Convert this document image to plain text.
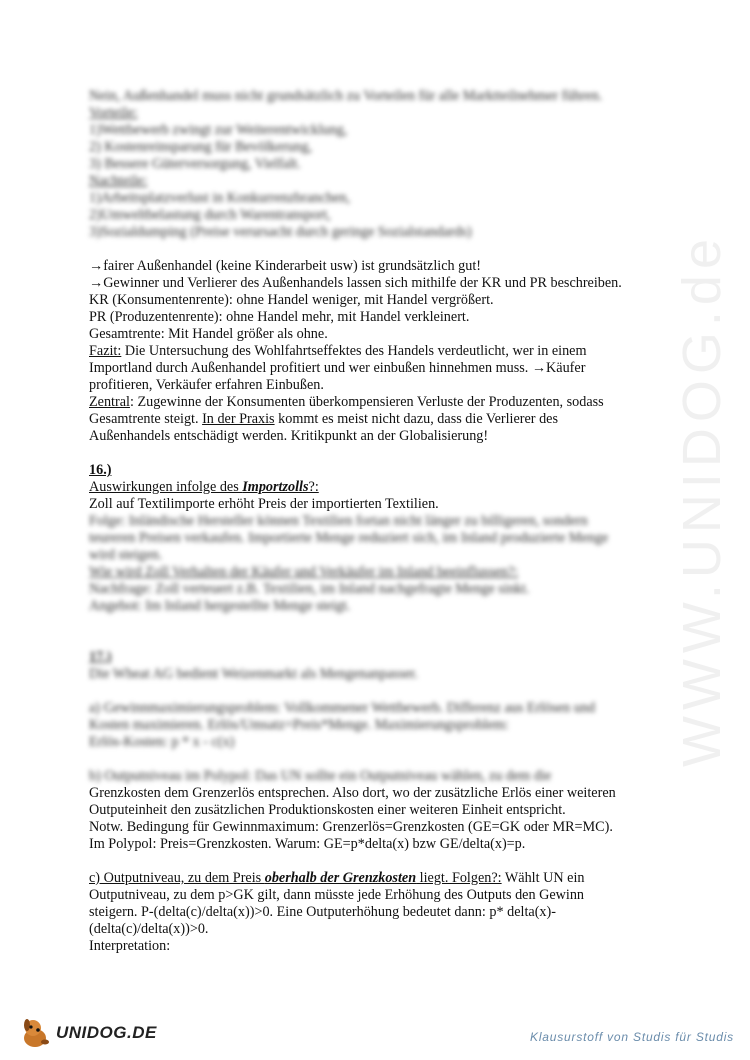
WWW.UNIDOG.de
Nein, Außenhandel muss nicht grundsätzlich zu Vorteilen für alle Marktteilnehmer führen.
Vorteile:
1)Wettbewerb zwingt zur Weiterentwicklung,
2) Kostenreinsparung für Bevölkerung,
3) Bessere Güterversorgung, Vielfalt.
Nachteile:
1)Arbeitsplatzverlust in Konkurrenzbranchen,
2)Umweltbelastung durch Warentransport,
3)Sozialdumping (Preise verursacht durch geringe Sozialstandards)
→fairer Außenhandel (keine Kinderarbeit usw) ist grundsätzlich gut!
→Gewinner und Verlierer des Außenhandels lassen sich mithilfe der KR und PR beschreiben.
KR (Konsumentenrente): ohne Handel weniger, mit Handel vergrößert.
PR (Produzentenrente): ohne Handel mehr, mit Handel verkleinert.
Gesamtrente: Mit Handel größer als ohne.
Fazit: Die Untersuchung des Wohlfahrtseffektes des Handels verdeutlicht, wer in einem
Importland durch Außenhandel profitiert und wer einbußen hinnehmen muss. →Käufer
profitieren, Verkäufer erfahren Einbußen.
Zentral: Zugewinne der Konsumenten überkompensieren Verluste der Produzenten, sodass
Gesamtrente steigt. In der Praxis kommt es meist nicht dazu, dass die Verlierer des
Außenhandels entschädigt werden. Kritikpunkt an der Globalisierung!
16.)
Auswirkungen infolge des Importzolls?:
Zoll auf Textilimporte erhöht Preis der importierten Textilien.
Folge: Inländische Hersteller können Textilien fortan nicht länger zu billigeren, sondern
teureren Preisen verkaufen. Importierte Menge reduziert sich, im Inland produzierte Menge
wird steigen.
Wie wird Zoll Verhalten der Käufer und Verkäufer im Inland beeinflussen?:
Nachfrage: Zoll verteuert z.B. Textilien, im Inland nachgefragte Menge sinkt.
Angebot: Im Inland hergestellte Menge steigt.
17.)
Die Wheat AG bedient Weizenmarkt als Mengenanpasser.
a) Gewinnmaximierungsproblem: Vollkommener Wettbewerb. Differenz aus Erlösen und
Kosten maximieren. Erlös/Umsatz=Preis*Menge. Maximierungsproblem:
Erlös-Kosten: p * x - c(x)
b) Outputniveau im Polypol: Das UN sollte ein Outputniveau wählen, zu dem die
Grenzkosten dem Grenzerlös entsprechen. Also dort, wo der zusätzliche Erlös einer weiteren
Outputeinheit den zusätzlichen Produktionskosten einer weiteren Einheit entspricht.
Notw. Bedingung für Gewinnmaximum: Grenzerlös=Grenzkosten (GE=GK oder MR=MC).
Im Polypol: Preis=Grenzkosten. Warum: GE=p*delta(x) bzw GE/delta(x)=p.
c) Outputniveau, zu dem Preis oberhalb der Grenzkosten liegt. Folgen?: Wählt UN ein
Outputniveau, zu dem p>GK gilt, dann müsste jede Erhöhung des Outputs den Gewinn
steigern. P-(delta(c)/delta(x))>0. Eine Outputerhöhung bedeutet dann: p* delta(x)-
(delta(c)/delta(x))>0.
Interpretation:
UNIDOG.DE	Klausurstoff von Studis für Studis
